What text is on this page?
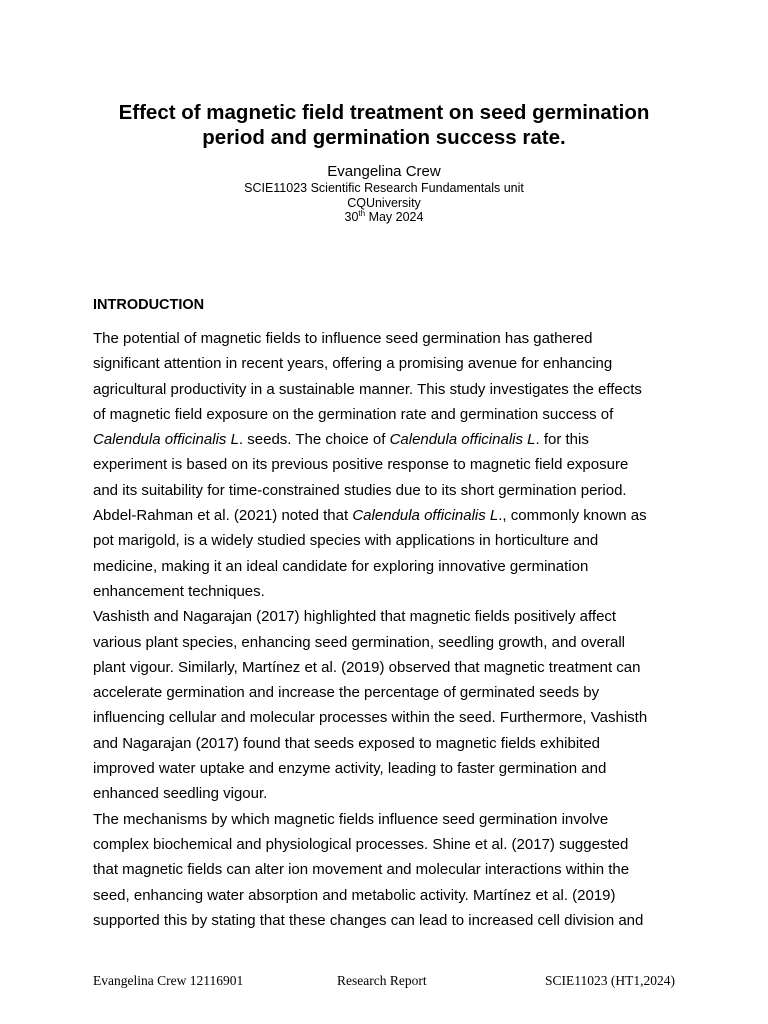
Effect of magnetic field treatment on seed germination
period and germination success rate.
Evangelina Crew
SCIE11023 Scientific Research Fundamentals unit
CQUniversity
30th May 2024
INTRODUCTION

The potential of magnetic fields to influence seed germination has gathered

significant attention in recent years, offering a promising avenue for enhancing

agricultural productivity in a sustainable manner. This study investigates the effects

of magnetic field exposure on the germination rate and germination success of

Calendula officinalis L. seeds. The choice of Calendula officinalis L. for this

experiment is based on its previous positive response to magnetic field exposure

and its suitability for time-constrained studies due to its short germination period.

Abdel-Rahman et al. (2021) noted that Calendula officinalis L., commonly known as

pot marigold, is a widely studied species with applications in horticulture and

medicine, making it an ideal candidate for exploring innovative germination

enhancement techniques.

Vashisth and Nagarajan (2017) highlighted that magnetic fields positively affect

various plant species, enhancing seed germination, seedling growth, and overall

plant vigour. Similarly, Martínez et al. (2019) observed that magnetic treatment can

accelerate germination and increase the percentage of germinated seeds by

influencing cellular and molecular processes within the seed. Furthermore, Vashisth

and Nagarajan (2017) found that seeds exposed to magnetic fields exhibited

improved water uptake and enzyme activity, leading to faster germination and

enhanced seedling vigour.

The mechanisms by which magnetic fields influence seed germination involve

complex biochemical and physiological processes. Shine et al. (2017) suggested

that magnetic fields can alter ion movement and molecular interactions within the

seed, enhancing water absorption and metabolic activity. Martínez et al. (2019)

supported this by stating that these changes can lead to increased cell division and

Evangelina Crew 12116901	Research Report	SCIE11023 (HT1,2024)
